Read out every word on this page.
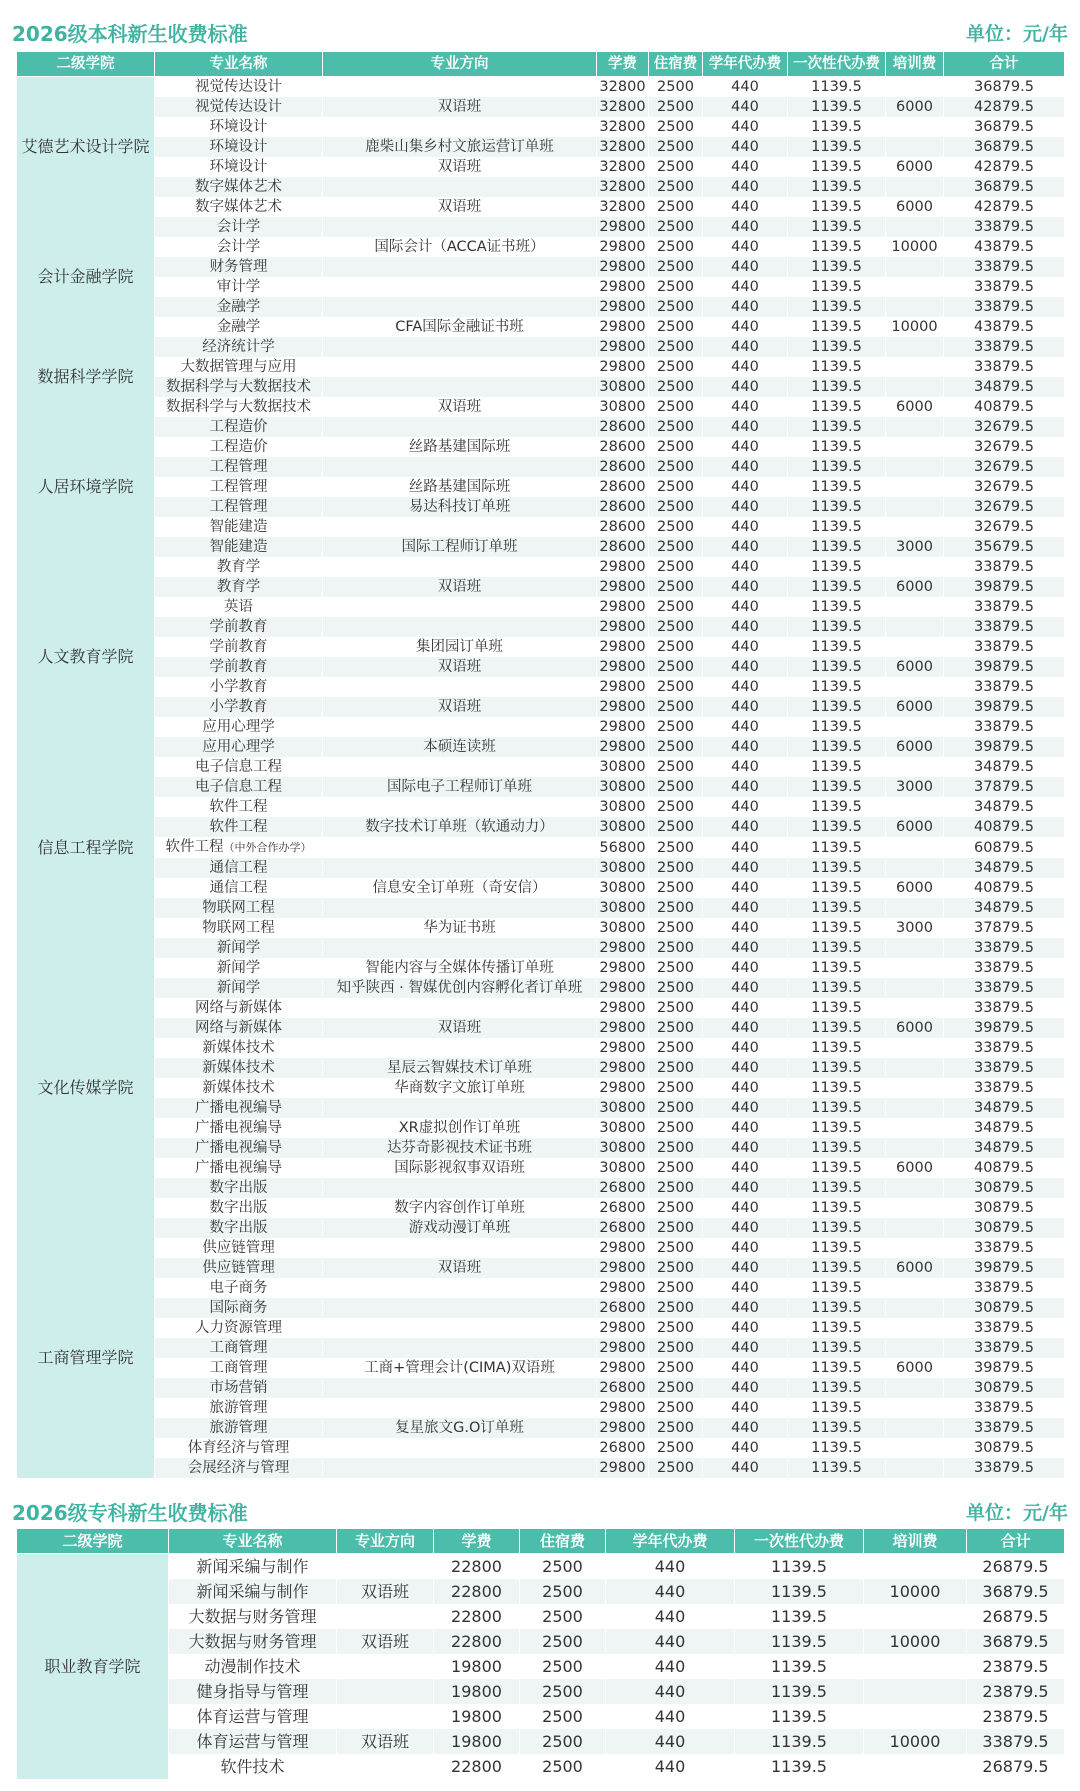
2026级本科新生收费标准	单位：元/年
二级学院	专业名称	专业方向	学费	住宿费	学年代办费	一次性代办费	培训费	合计
艾德艺术设计学院	视觉传达设计		32800	2500	440	1139.5		36879.5
	视觉传达设计	双语班	32800	2500	440	1139.5	6000	42879.5
	环境设计		32800	2500	440	1139.5		36879.5
	环境设计	鹿柴山集乡村文旅运营订单班	32800	2500	440	1139.5		36879.5
	环境设计	双语班	32800	2500	440	1139.5	6000	42879.5
	数字媒体艺术		32800	2500	440	1139.5		36879.5
	数字媒体艺术	双语班	32800	2500	440	1139.5	6000	42879.5
会计金融学院	会计学		29800	2500	440	1139.5		33879.5
	会计学	国际会计（ACCA证书班）	29800	2500	440	1139.5	10000	43879.5
	财务管理		29800	2500	440	1139.5		33879.5
	审计学		29800	2500	440	1139.5		33879.5
	金融学		29800	2500	440	1139.5		33879.5
	金融学	CFA国际金融证书班	29800	2500	440	1139.5	10000	43879.5
数据科学学院	经济统计学		29800	2500	440	1139.5		33879.5
	大数据管理与应用		29800	2500	440	1139.5		33879.5
	数据科学与大数据技术		30800	2500	440	1139.5		34879.5
	数据科学与大数据技术	双语班	30800	2500	440	1139.5	6000	40879.5
人居环境学院	工程造价		28600	2500	440	1139.5		32679.5
	工程造价	丝路基建国际班	28600	2500	440	1139.5		32679.5
	工程管理		28600	2500	440	1139.5		32679.5
	工程管理	丝路基建国际班	28600	2500	440	1139.5		32679.5
	工程管理	易达科技订单班	28600	2500	440	1139.5		32679.5
	智能建造		28600	2500	440	1139.5		32679.5
	智能建造	国际工程师订单班	28600	2500	440	1139.5	3000	35679.5
人文教育学院	教育学		29800	2500	440	1139.5		33879.5
	教育学	双语班	29800	2500	440	1139.5	6000	39879.5
	英语		29800	2500	440	1139.5		33879.5
	学前教育		29800	2500	440	1139.5		33879.5
	学前教育	集团园订单班	29800	2500	440	1139.5		33879.5
	学前教育	双语班	29800	2500	440	1139.5	6000	39879.5
	小学教育		29800	2500	440	1139.5		33879.5
	小学教育	双语班	29800	2500	440	1139.5	6000	39879.5
	应用心理学		29800	2500	440	1139.5		33879.5
	应用心理学	本硕连读班	29800	2500	440	1139.5	6000	39879.5
信息工程学院	电子信息工程		30800	2500	440	1139.5		34879.5
	电子信息工程	国际电子工程师订单班	30800	2500	440	1139.5	3000	37879.5
	软件工程		30800	2500	440	1139.5		34879.5
	软件工程	数字技术订单班（软通动力）	30800	2500	440	1139.5	6000	40879.5
	软件工程（中外合作办学）		56800	2500	440	1139.5		60879.5
	通信工程		30800	2500	440	1139.5		34879.5
	通信工程	信息安全订单班（奇安信）	30800	2500	440	1139.5	6000	40879.5
	物联网工程		30800	2500	440	1139.5		34879.5
	物联网工程	华为证书班	30800	2500	440	1139.5	3000	37879.5
文化传媒学院	新闻学		29800	2500	440	1139.5		33879.5
	新闻学	智能内容与全媒体传播订单班	29800	2500	440	1139.5		33879.5
	新闻学	知乎陕西 · 智媒优创内容孵化者订单班	29800	2500	440	1139.5		33879.5
	网络与新媒体		29800	2500	440	1139.5		33879.5
	网络与新媒体	双语班	29800	2500	440	1139.5	6000	39879.5
	新媒体技术		29800	2500	440	1139.5		33879.5
	新媒体技术	星辰云智媒技术订单班	29800	2500	440	1139.5		33879.5
	新媒体技术	华商数字文旅订单班	29800	2500	440	1139.5		33879.5
	广播电视编导		30800	2500	440	1139.5		34879.5
	广播电视编导	XR虚拟创作订单班	30800	2500	440	1139.5		34879.5
	广播电视编导	达芬奇影视技术证书班	30800	2500	440	1139.5		34879.5
	广播电视编导	国际影视叙事双语班	30800	2500	440	1139.5	6000	40879.5
	数字出版		26800	2500	440	1139.5		30879.5
	数字出版	数字内容创作订单班	26800	2500	440	1139.5		30879.5
	数字出版	游戏动漫订单班	26800	2500	440	1139.5		30879.5
工商管理学院	供应链管理		29800	2500	440	1139.5		33879.5
	供应链管理	双语班	29800	2500	440	1139.5	6000	39879.5
	电子商务		29800	2500	440	1139.5		33879.5
	国际商务		26800	2500	440	1139.5		30879.5
	人力资源管理		29800	2500	440	1139.5		33879.5
	工商管理		29800	2500	440	1139.5		33879.5
	工商管理	工商+管理会计(CIMA)双语班	29800	2500	440	1139.5	6000	39879.5
	市场营销		26800	2500	440	1139.5		30879.5
	旅游管理		29800	2500	440	1139.5		33879.5
	旅游管理	复星旅文G.O订单班	29800	2500	440	1139.5		33879.5
	体育经济与管理		26800	2500	440	1139.5		30879.5
	会展经济与管理		29800	2500	440	1139.5		33879.5
2026级专科新生收费标准	单位：元/年
二级学院	专业名称	专业方向	学费	住宿费	学年代办费	一次性代办费	培训费	合计
职业教育学院	新闻采编与制作		22800	2500	440	1139.5		26879.5
	新闻采编与制作	双语班	22800	2500	440	1139.5	10000	36879.5
	大数据与财务管理		22800	2500	440	1139.5		26879.5
	大数据与财务管理	双语班	22800	2500	440	1139.5	10000	36879.5
	动漫制作技术		19800	2500	440	1139.5		23879.5
	健身指导与管理		19800	2500	440	1139.5		23879.5
	体育运营与管理		19800	2500	440	1139.5		23879.5
	体育运营与管理	双语班	19800	2500	440	1139.5	10000	33879.5
	软件技术		22800	2500	440	1139.5		26879.5
